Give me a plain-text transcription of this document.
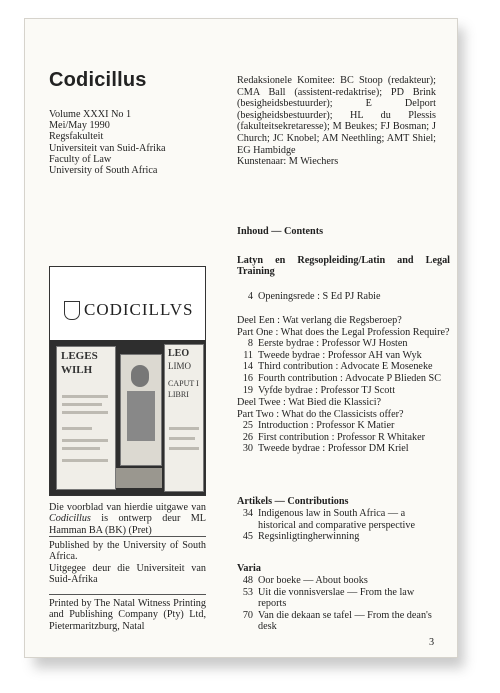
Codicillus
Volume XXXI No 1
Mei/May 1990
Regsfakulteit
Universiteit van Suid-Afrika
Faculty of Law
University of South Africa
Redaksionele Komitee: BC Stoop (redakteur); CMA Ball (assistent-redaktrise); PD Brink (besigheidsbestuurder); E Delport (besigheidsbestuurder); HL du Plessis (fakulteitsekretaresse); M Beukes; FJ Bosman; J Church; JC Knobel; AM Neethling; AMT Shiel; EG Hambidge
Kunstenaar: M Wiechers
CODICILLVS
LEGES
WILH
LEO
LIMO
CAPUT I
LIBRI
Die voorblad van hierdie uitgawe van Codicillus is ontwerp deur ML Hamman BA (BK) (Pret)
Published by the University of South Africa.
Uitgegee deur die Universiteit van Suid-Afrika
Printed by The Natal Witness Printing and Publishing Company (Pty) Ltd, Pietermaritzburg, Natal
Inhoud — Contents
Latyn en Regsopleiding/Latin and Legal Training
4 Openingsrede : S Ed PJ Rabie
Deel Een : Wat verlang die Regsberoep?
Part One : What does the Legal Profession Require?
8 Eerste bydrae : Professor WJ Hosten
11 Tweede bydrae : Professor AH van Wyk
14 Third contribution : Advocate E Moseneke
16 Fourth contribution : Advocate P Blieden SC
19 Vyfde bydrae : Professor TJ Scott
Deel Twee : Wat Bied die Klassici?
Part Two : What do the Classicists offer?
25 Introduction : Professor K Matier
26 First contribution : Professor R Whitaker
30 Tweede bydrae : Professor DM Kriel
Artikels — Contributions
34 Indigenous law in South Africa — a historical and comparative perspective
45 Regsinligtingherwinning
Varia
48 Oor boeke — About books
53 Uit die vonnisverslae — From the law reports
70 Van die dekaan se tafel — From the dean's desk
3
